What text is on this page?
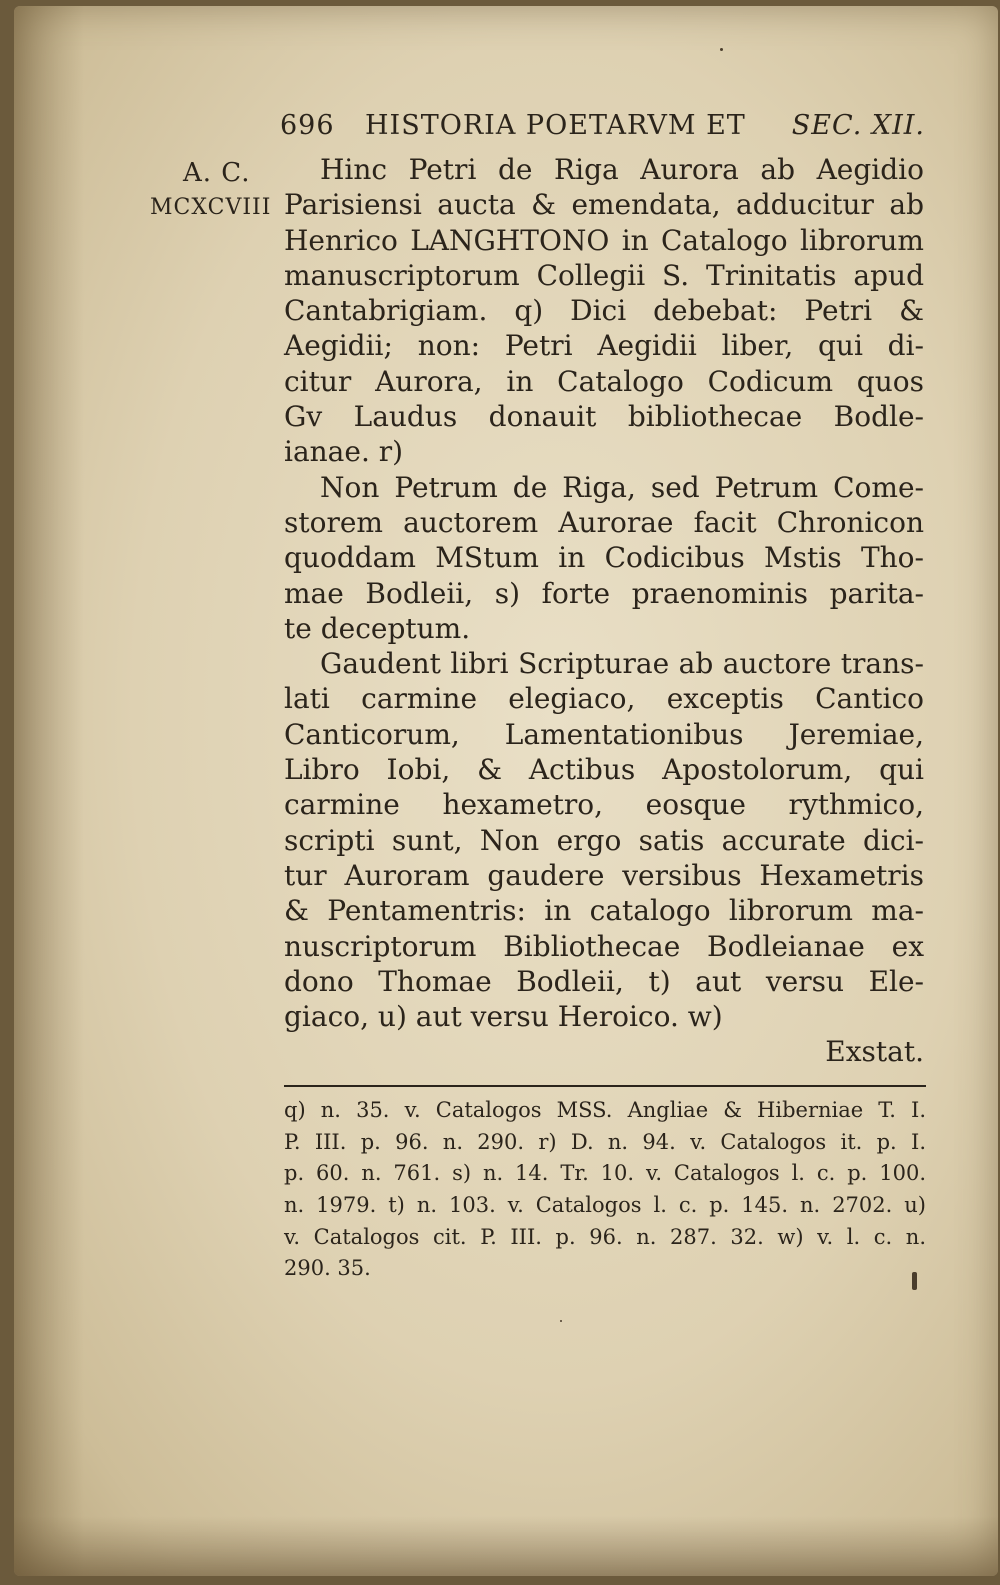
696 HISTORIA POETARVM ET SEC. XII.
A. C.
MCXCVIII
Hinc Petri de Riga Aurora ab Aegidio
Parisiensi aucta & emendata, adducitur ab
Henrico LANGHTONO in Catalogo librorum
manuscriptorum Collegii S. Trinitatis apud
Cantabrigiam. q) Dici debebat: Petri &
Aegidii; non: Petri Aegidii liber, qui di-
citur Aurora, in Catalogo Codicum quos
Gv Laudus donauit bibliothecae Bodle-
ianae. r)
Non Petrum de Riga, sed Petrum Come-
storem auctorem Aurorae facit Chronicon
quoddam MStum in Codicibus Mstis Tho-
mae Bodleii, s) forte praenominis parita-
te deceptum.
Gaudent libri Scripturae ab auctore trans-
lati carmine elegiaco, exceptis Cantico
Canticorum, Lamentationibus Jeremiae,
Libro Iobi, & Actibus Apostolorum, qui
carmine hexametro, eosque rythmico,
scripti sunt, Non ergo satis accurate dici-
tur Auroram gaudere versibus Hexametris
& Pentamentris: in catalogo librorum ma-
nuscriptorum Bibliothecae Bodleianae ex
dono Thomae Bodleii, t) aut versu Ele-
giaco, u) aut versu Heroico. w)
Exstat.
q) n. 35. v. Catalogos MSS. Angliae & Hiberniae T. I.
P. III. p. 96. n. 290. r) D. n. 94. v. Catalogos it. p. I.
p. 60. n. 761. s) n. 14. Tr. 10. v. Catalogos l. c. p. 100.
n. 1979. t) n. 103. v. Catalogos l. c. p. 145. n. 2702. u)
v. Catalogos cit. P. III. p. 96. n. 287. 32. w) v. l. c. n.
290. 35.
